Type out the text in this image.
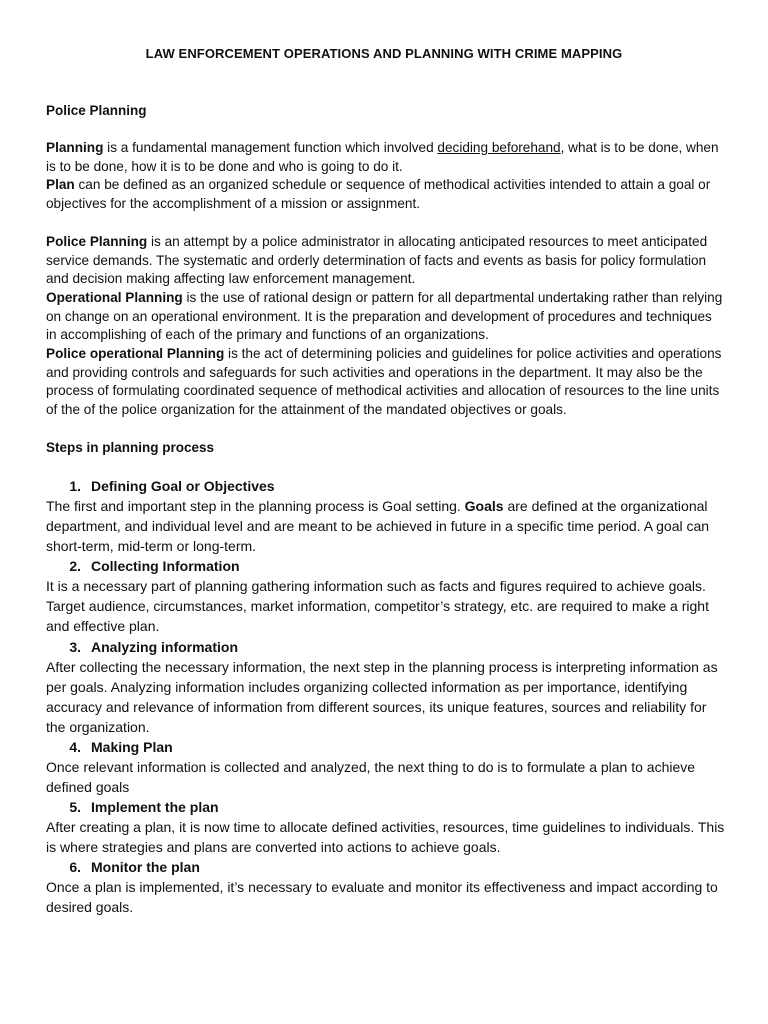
LAW ENFORCEMENT OPERATIONS AND PLANNING WITH CRIME MAPPING
Police Planning
Planning is a fundamental management function which involved deciding beforehand, what is to be done, when is to be done, how it is to be done and who is going to do it.
Plan can be defined as an organized schedule or sequence of methodical activities intended to attain a goal or objectives for the accomplishment of a mission or assignment.
Police Planning is an attempt by a police administrator in allocating anticipated resources to meet anticipated service demands. The systematic and orderly determination of facts and events as basis for policy formulation and decision making affecting law enforcement management.
Operational Planning is the use of rational design or pattern for all departmental undertaking rather than relying on change on an operational environment. It is the preparation and development of procedures and techniques in accomplishing of each of the primary and functions of an organizations.
Police operational Planning is the act of determining policies and guidelines for police activities and operations and providing controls and safeguards for such activities and operations in the department. It may also be the process of formulating coordinated sequence of methodical activities and allocation of resources to the line units of the of the police organization for the attainment of the mandated objectives or goals.
Steps in planning process
1. Defining Goal or Objectives
The first and important step in the planning process is Goal setting. Goals are defined at the organizational department, and individual level and are meant to be achieved in future in a specific time period. A goal can short-term, mid-term or long-term.
2. Collecting Information
It is a necessary part of planning gathering information such as facts and figures required to achieve goals. Target audience, circumstances, market information, competitor’s strategy, etc. are required to make a right and effective plan.
3. Analyzing information
After collecting the necessary information, the next step in the planning process is interpreting information as per goals. Analyzing information includes organizing collected information as per importance, identifying accuracy and relevance of information from different sources, its unique features, sources and reliability for the organization.
4. Making Plan
Once relevant information is collected and analyzed, the next thing to do is to formulate a plan to achieve defined goals
5. Implement the plan
After creating a plan, it is now time to allocate defined activities, resources, time guidelines to individuals. This is where strategies and plans are converted into actions to achieve goals.
6. Monitor the plan
Once a plan is implemented, it’s necessary to evaluate and monitor its effectiveness and impact according to desired goals.
